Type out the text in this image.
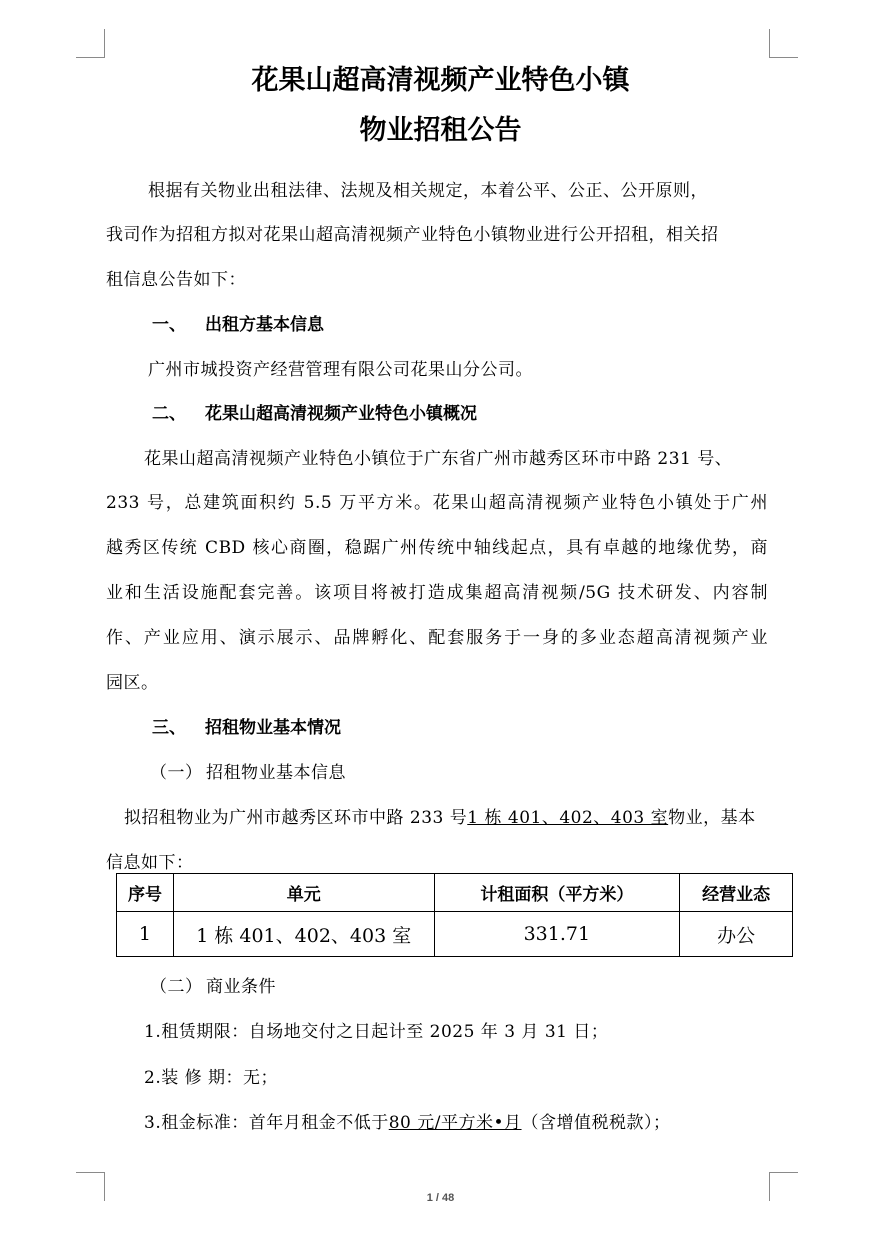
花果山超高清视频产业特色小镇
物业招租公告
根据有关物业出租法律、法规及相关规定，本着公平、公正、公开原则，
我司作为招租方拟对花果山超高清视频产业特色小镇物业进行公开招租，相关招
租信息公告如下：
一、 出租方基本信息
广州市城投资产经营管理有限公司花果山分公司。
二、 花果山超高清视频产业特色小镇概况
花果山超高清视频产业特色小镇位于广东省广州市越秀区环市中路 231 号、
233 号，总建筑面积约 5.5 万平方米。花果山超高清视频产业特色小镇处于广州
越秀区传统 CBD 核心商圈，稳踞广州传统中轴线起点，具有卓越的地缘优势，商
业和生活设施配套完善。该项目将被打造成集超高清视频/5G 技术研发、内容制
作、产业应用、演示展示、品牌孵化、配套服务于一身的多业态超高清视频产业
园区。
三、 招租物业基本情况
（一） 招租物业基本信息
拟招租物业为广州市越秀区环市中路 233 号1 栋 401、402、403 室物业，基本
信息如下：
序号	单元	计租面积（平方米）	经营业态
1	1 栋 401、402、403 室	331.71	办公
（二） 商业条件
1.租赁期限：自场地交付之日起计至 2025 年 3 月 31 日；
2.装 修 期：无；
3.租金标准：首年月租金不低于80 元/平方米•月（含增值税税款）；
1 / 48
